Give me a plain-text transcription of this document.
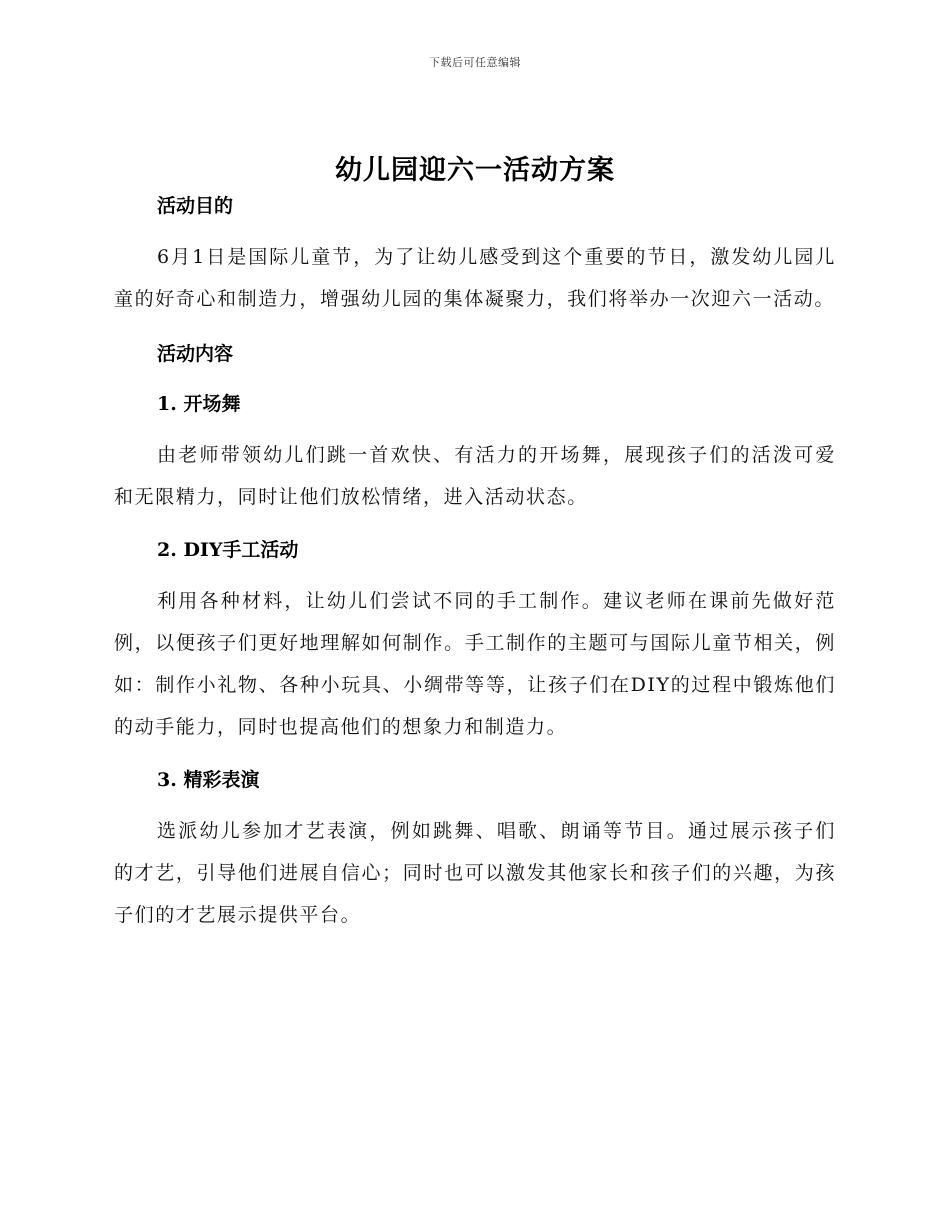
下载后可任意编辑
幼儿园迎六一活动方案

活动目的

6月1日是国际儿童节，为了让幼儿感受到这个重要的节日，激发幼儿园儿童的好奇心和制造力，增强幼儿园的集体凝聚力，我们将举办一次迎六一活动。

活动内容

1. 开场舞

由老师带领幼儿们跳一首欢快、有活力的开场舞，展现孩子们的活泼可爱和无限精力，同时让他们放松情绪，进入活动状态。

2. DIY手工活动

利用各种材料，让幼儿们尝试不同的手工制作。建议老师在课前先做好范例，以便孩子们更好地理解如何制作。手工制作的主题可与国际儿童节相关，例如：制作小礼物、各种小玩具、小绸带等等，让孩子们在DIY的过程中锻炼他们的动手能力，同时也提高他们的想象力和制造力。

3. 精彩表演

选派幼儿参加才艺表演，例如跳舞、唱歌、朗诵等节目。通过展示孩子们的才艺，引导他们进展自信心；同时也可以激发其他家长和孩子们的兴趣，为孩子们的才艺展示提供平台。
